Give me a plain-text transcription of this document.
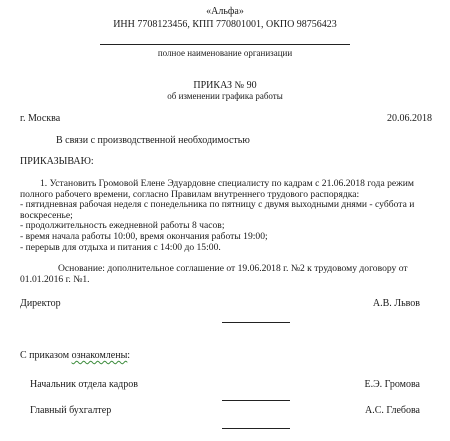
«Альфа»
ИНН 7708123456, КПП 770801001, ОКПО 98756423
полное наименование организации
ПРИКАЗ № 90
об изменении графика работы
г. Москва	20.06.2018
В связи с производственной необходимостью
ПРИКАЗЫВАЮ:
1. Установить Громовой Елене Эдуардовне специалисту по кадрам с 21.06.2018 года режим
полного рабочего времени, согласно Правилам внутреннего трудового распорядка:
- пятидневная рабочая неделя с понедельника по пятницу с двумя выходными днями - суббота и
воскресенье;
- продолжительность ежедневной работы 8 часов;
- время начала работы 10:00, время окончания работы 19:00;
- перерыв для отдыха и питания с 14:00 до 15:00.
Основание: дополнительное соглашение от 19.06.2018 г. №2 к трудовому договору от
01.01.2016 г. №1.
Директор	А.В. Львов
С приказом ознакомлены:
Начальник отдела кадров	Е.Э. Громова
Главный бухгалтер	А.С. Глебова
